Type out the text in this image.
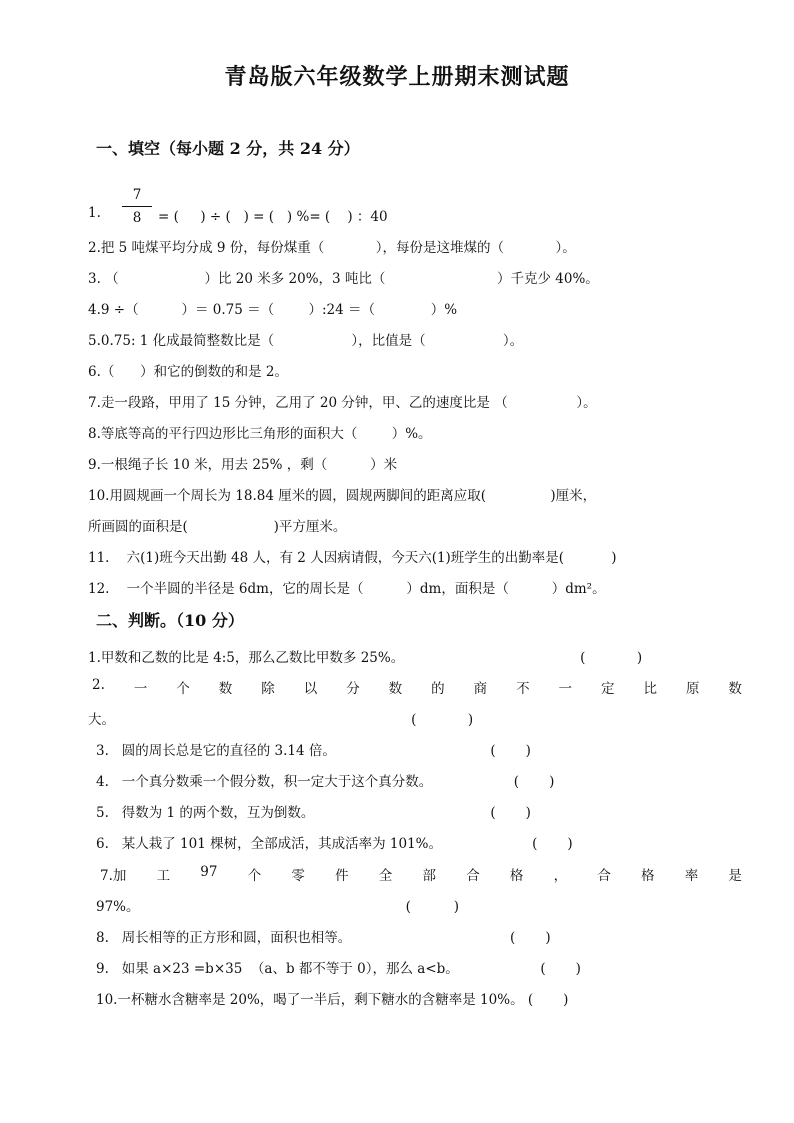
青岛版六年级数学上册期末测试题
一、填空（每小题 2 分，共 24 分）
1.
7
8	= (     ) ÷ (   ) = (   ) %= (    ) ：40
2.把 5 吨煤平均分成 9 份，每份煤重（            ），每份是这堆煤的（            ）。
3. （                    ）比 20 米多 20%，3 吨比（                          ）千克少 40%。
4.9 ÷（          ）＝ 0.75 ＝（        ）:24 ＝（             ）%
5.0.75: 1 化成最简整数比是（                  ），比值是（                  ）。
6.（      ）和它的倒数的和是 2。
7.走一段路，甲用了 15 分钟，乙用了 20 分钟，甲、乙的速度比是 （                ）。
8.等底等高的平行四边形比三角形的面积大（        ）%。
9.一根绳子长 10 米，用去 25% ，剩（          ）米
10.用圆规画一个周长为 18.84 厘米的圆，圆规两脚间的距离应取(               )厘米，
所画圆的面积是(                    )平方厘米。
11.    六(1)班今天出勤 48 人，有 2 人因病请假，今天六(1)班学生的出勤率是(           )
12.    一个半圆的半径是 6dm，它的周长是（          ）dm，面积是（          ）dm²。
二、判断。（10 分）
1.甲数和乙数的比是 4:5，那么乙数比甲数多 25%。                                         (            )
2. 一 个 数 除 以 分 数 的 商 不 一 定 比 原 数
大。                                                                     (            )
3.   圆的周长总是它的直径的 3.14 倍。                                    (       )
4.   一个真分数乘一个假分数，积一定大于这个真分数。                   (       )
5.   得数为 1 的两个数，互为倒数。                                         (       )
6.   某人栽了 101 棵树，全部成活，其成活率为 101%。                     (       )
7.加 工 97 个 零 件 全 部 合 格 ， 合 格 率 是
97%。                                                              (          )
8.   周长相等的正方形和圆，面积也相等。                                     (       )
9.   如果 a×23 =b×35  （a、b 都不等于 0），那么 a<b。                   (       )
10.一杯糖水含糖率是 20%，喝了一半后，剩下糖水的含糖率是 10%。 (       )
